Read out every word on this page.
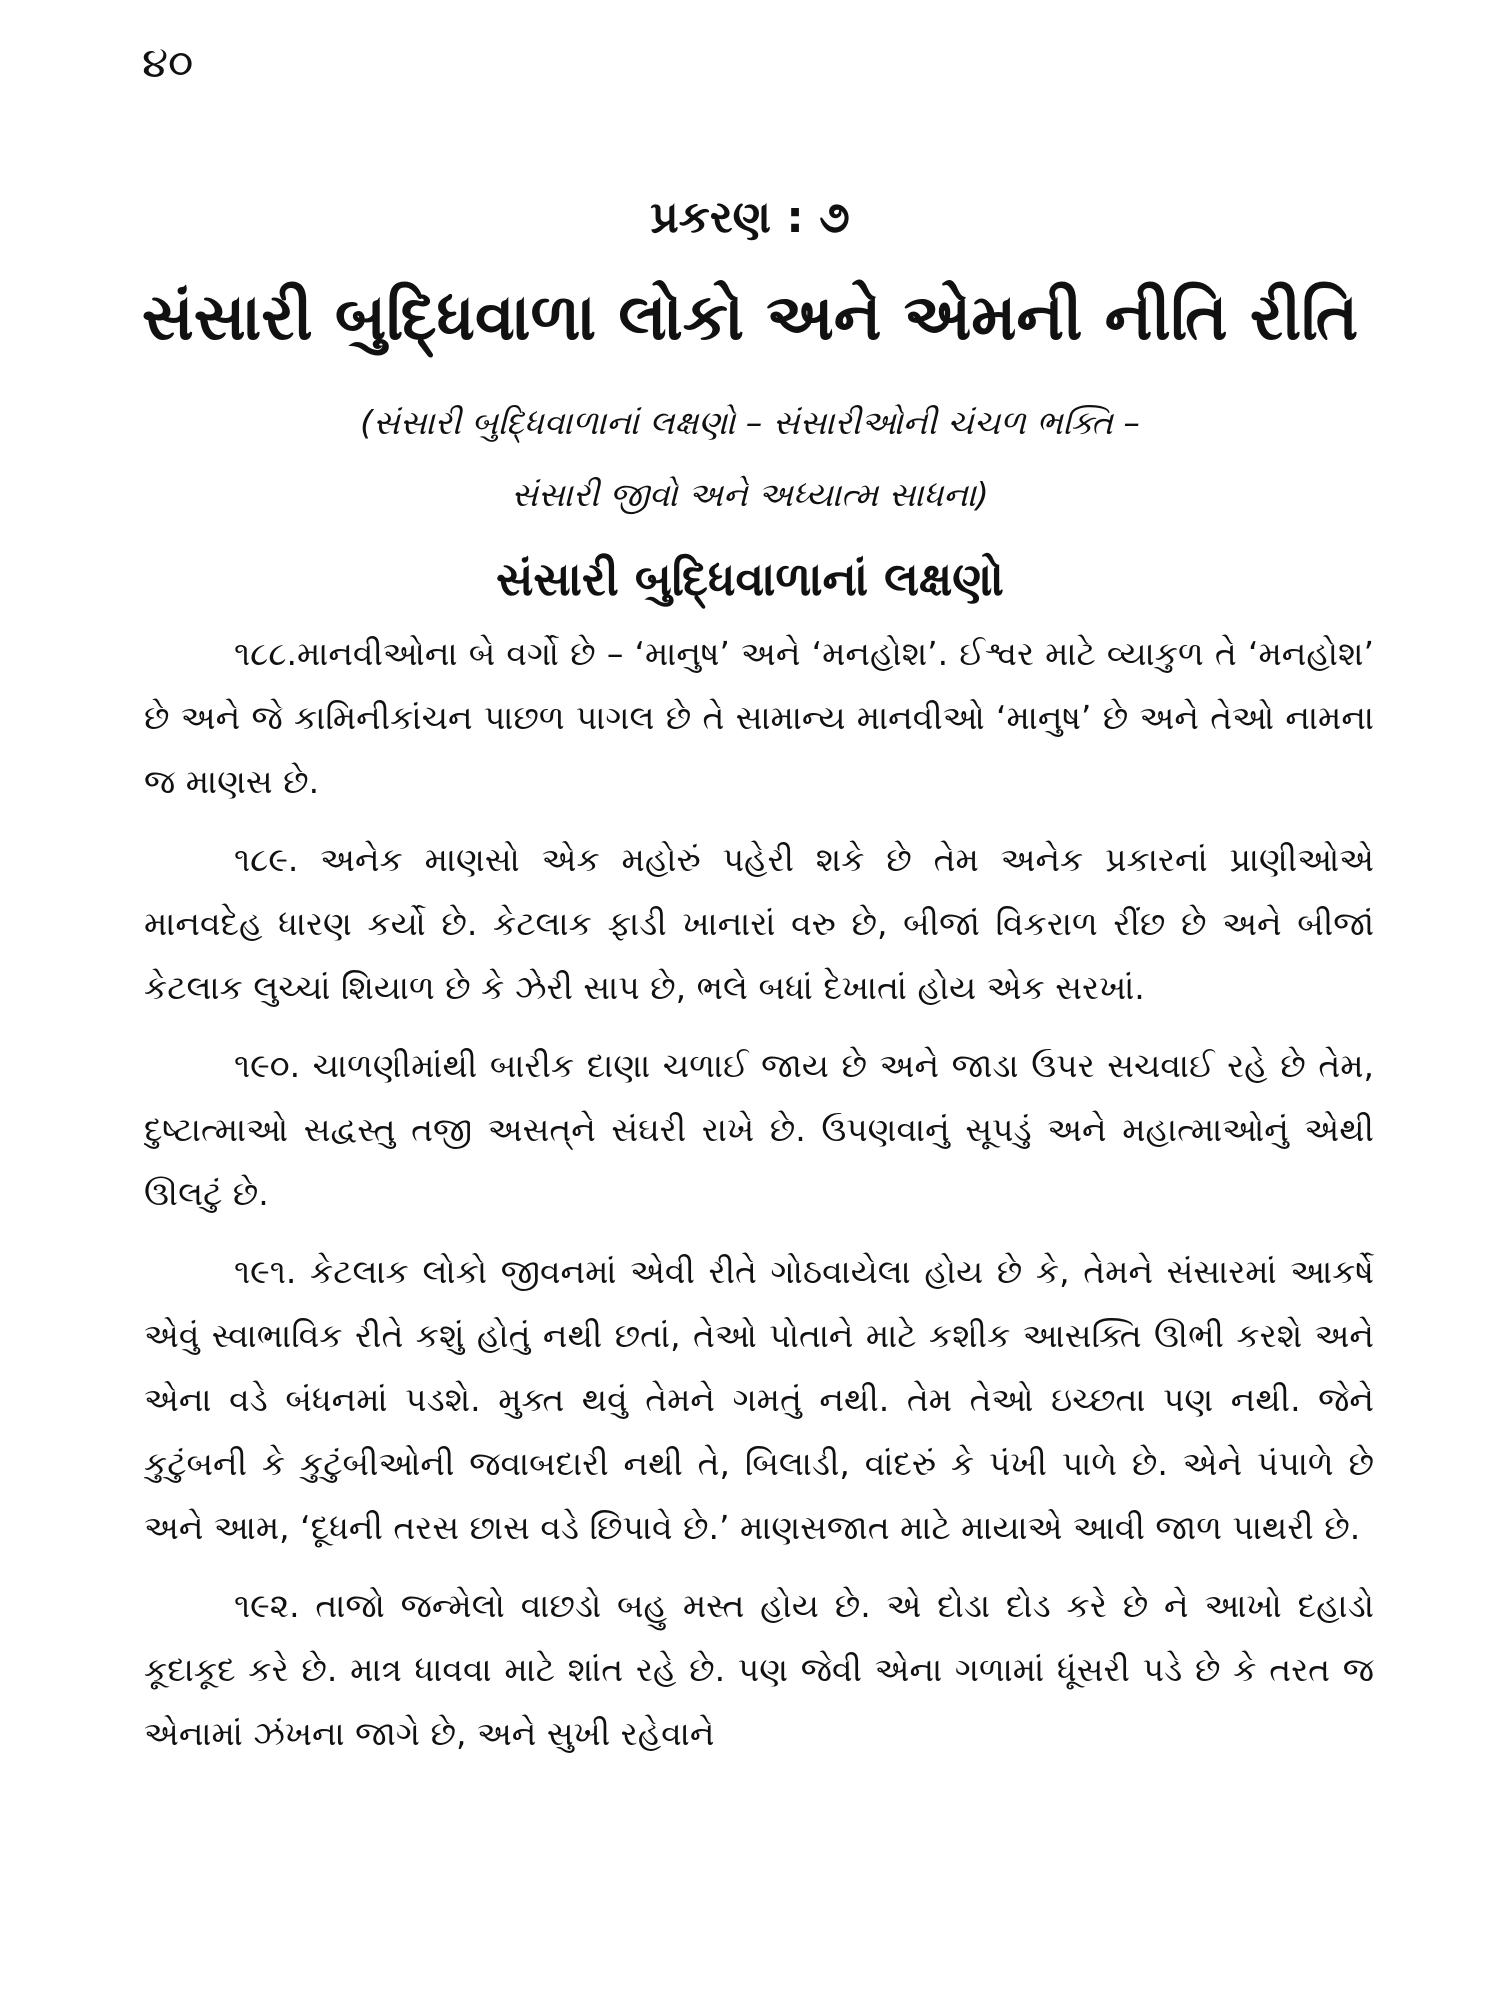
૪૦

પ્રકરણ : ૭

સંસારી બુદ્ધિવાળા લોકો અને એમની નીતિ રીતિ

(સંસારી બુદ્ધિવાળાનાં લક્ષણો – સંસારીઓની ચંચળ ભક્તિ –

સંસારી જીવો અને અધ્યાત્મ સાધના)

સંસારી બુદ્ધિવાળાનાં લક્ષણો

૧૮૮.માનવીઓના બે વર્ગો છે – ‘માનુષ’ અને ‘મનહોશ’. ઈશ્વર માટે વ્યાકુળ તે ‘મનહોશ’ છે અને જે કામિનીકાંચન પાછળ પાગલ છે તે સામાન્ય માનવીઓ ‘માનુષ’ છે અને તેઓ નામના જ માણસ છે.

૧૮૯. અનેક માણસો એક મહોરું પહેરી શકે છે તેમ અનેક પ્રકારનાં પ્રાણીઓએ માનવદેહ ધારણ કર્યો છે. કેટલાક ફાડી ખાનારાં વરુ છે, બીજાં વિકરાળ રીંછ છે અને બીજાં કેટલાક લુચ્ચાં શિયાળ છે કે ઝેરી સાપ છે, ભલે બધાં દેખાતાં હોય એક સરખાં.

૧૯૦. ચાળણીમાંથી બારીક દાણા ચળાઈ જાય છે અને જાડા ઉપર સચવાઈ રહે છે તેમ, દુષ્ટાત્માઓ સદ્વસ્તુ તજી અસત્‌ને સંઘરી રાખે છે. ઉપણવાનું સૂપડું અને મહાત્માઓનું એથી ઊલટું છે.

૧૯૧. કેટલાક લોકો જીવનમાં એવી રીતે ગોઠવાયેલા હોય છે કે, તેમને સંસારમાં આકર્ષે એવું સ્વાભાવિક રીતે કશું હોતું નથી છતાં, તેઓ પોતાને માટે કશીક આસક્તિ ઊભી કરશે અને એના વડે બંધનમાં પડશે. મુક્ત થવું તેમને ગમતું નથી. તેમ તેઓ ઇચ્છતા પણ નથી. જેને કુટુંબની કે કુટુંબીઓની જવાબદારી નથી તે, બિલાડી, વાંદરું કે પંખી પાળે છે. એને પંપાળે છે અને આમ, ‘દૂધની તરસ છાસ વડે છિપાવે છે.’ માણસજાત માટે માયાએ આવી જાળ પાથરી છે.

૧૯૨. તાજો જન્મેલો વાછડો બહુ મસ્ત હોય છે. એ દોડા દોડ કરે છે ને આખો દહાડો કૂદાકૂદ કરે છે. માત્ર ધાવવા માટે શાંત રહે છે. પણ જેવી એના ગળામાં ધૂંસરી પડે છે કે તરત જ એનામાં ઝંખના જાગે છે, અને સુખી રહેવાને
